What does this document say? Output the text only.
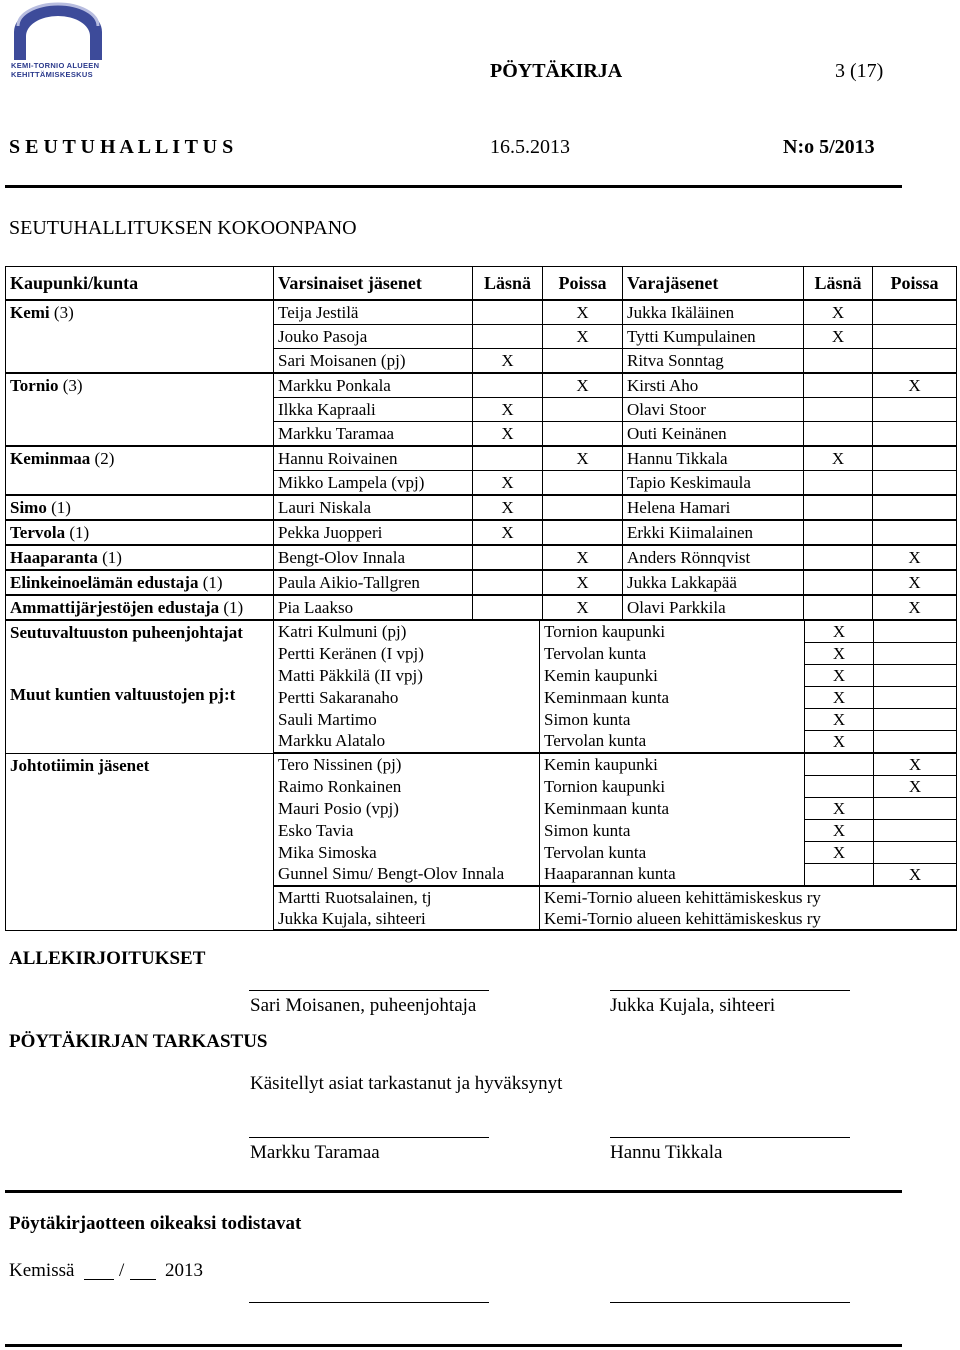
KEMI-TORNIO ALUEEN
KEHITTÄMISKESKUS	PÖYTÄKIRJA	3 (17)
S E U T U H A L L I T U S	16.5.2013	N:o 5/2013
SEUTUHALLITUKSEN KOKOONPANO
Kaupunki/kunta	Varsinaiset jäsenet	Läsnä	Poissa	Varajäsenet	Läsnä	Poissa
Kemi (3)	Teija Jestilä		X	Jukka Ikäläinen	X	
	Jouko Pasoja		X	Tytti Kumpulainen	X	
	Sari Moisanen (pj)	X		Ritva Sonntag		
Tornio (3)	Markku Ponkala		X	Kirsti Aho		X
	Ilkka Kapraali	X		Olavi Stoor		
	Markku Taramaa	X		Outi Keinänen		
Keminmaa (2)	Hannu Roivainen		X	Hannu Tikkala	X	
	Mikko Lampela (vpj)	X		Tapio Keskimaula		
Simo (1)	Lauri Niskala	X		Helena Hamari		
Tervola (1)	Pekka Juopperi	X		Erkki Kiimalainen		
Haaparanta (1)	Bengt-Olov Innala		X	Anders Rönnqvist		X
Elinkeinoelämän edustaja (1)	Paula Aikio-Tallgren		X	Jukka Lakkapää		X
Ammattijärjestöjen edustaja (1)	Pia Laakso		X	Olavi Parkkila		X
Seutuvaltuuston puheenjohtajat
Muut kuntien valtuustojen pj:t	Katri Kulmuni (pj)	Tornion kaupunki	X	
	Pertti Keränen (I vpj)	Tervolan kunta	X	
	Matti Päkkilä (II vpj)	Kemin kaupunki	X	
	Pertti Sakaranaho	Keminmaan kunta	X	
	Sauli Martimo	Simon kunta	X	
	Markku Alatalo	Tervolan kunta	X	
Johtotiimin jäsenet	Tero Nissinen (pj)	Kemin kaupunki		X
	Raimo Ronkainen	Tornion kaupunki		X
	Mauri Posio (vpj)	Keminmaan kunta	X	
	Esko Tavia	Simon kunta	X	
	Mika Simoska	Tervolan kunta	X	
	Gunnel Simu/ Bengt-Olov Innala	Haaparannan kunta		X
	Martti Ruotsalainen, tj	Kemi-Tornio alueen kehittämiskeskus ry		
	Jukka Kujala, sihteeri	Kemi-Tornio alueen kehittämiskeskus ry		
ALLEKIRJOITUKSET
Sari Moisanen, puheenjohtaja	Jukka Kujala, sihteeri
PÖYTÄKIRJAN TARKASTUS
Käsitellyt asiat tarkastanut ja hyväksynyt
Markku Taramaa	Hannu Tikkala
Pöytäkirjaotteen oikeaksi todistavat
Kemissä / 2013
